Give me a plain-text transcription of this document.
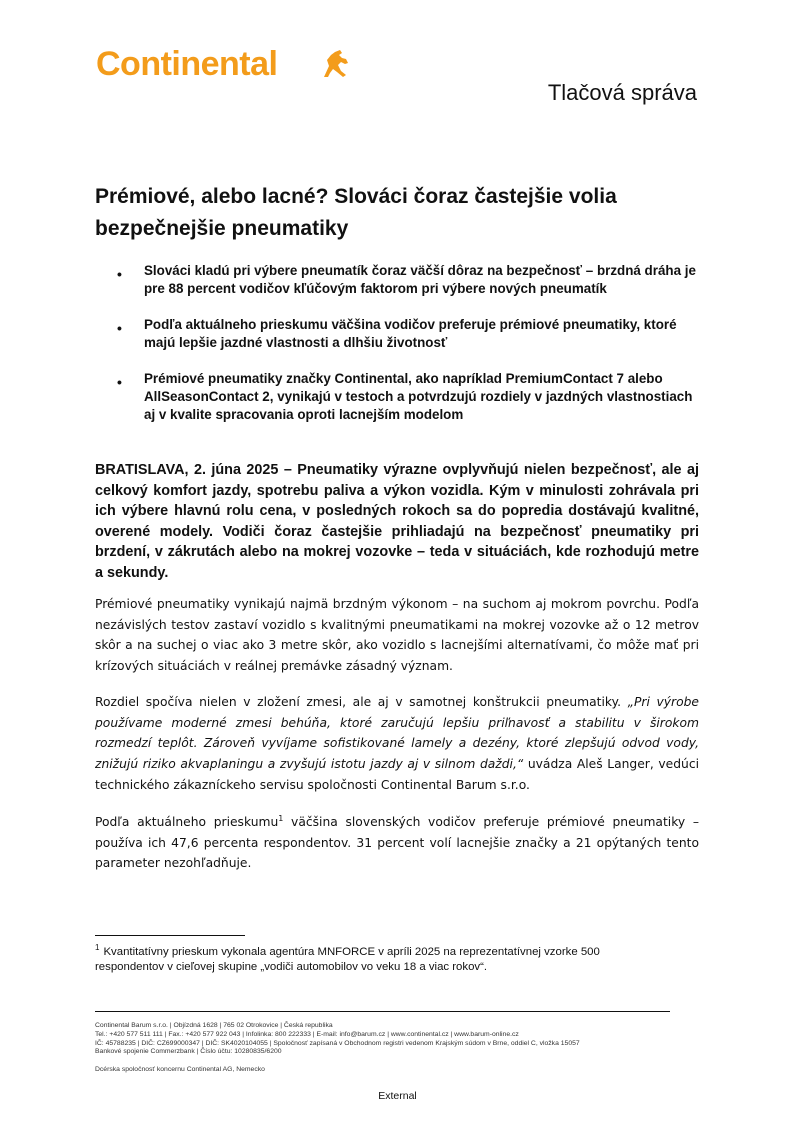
Continental
Tlačová správa
Prémiové, alebo lacné? Slováci čoraz častejšie volia bezpečnejšie pneumatiky
• Slováci kladú pri výbere pneumatík čoraz väčší dôraz na bezpečnosť – brzdná dráha je pre 88 percent vodičov kľúčovým faktorom pri výbere nových pneumatík
• Podľa aktuálneho prieskumu väčšina vodičov preferuje prémiové pneumatiky, ktoré majú lepšie jazdné vlastnosti a dlhšiu životnosť
• Prémiové pneumatiky značky Continental, ako napríklad PremiumContact 7 alebo AllSeasonContact 2, vynikajú v testoch a potvrdzujú rozdiely v jazdných vlastnostiach aj v kvalite spracovania oproti lacnejším modelom

BRATISLAVA, 2. júna 2025 – Pneumatiky výrazne ovplyvňujú nielen bezpečnosť, ale aj celkový komfort jazdy, spotrebu paliva a výkon vozidla. Kým v minulosti zohrávala pri ich výbere hlavnú rolu cena, v posledných rokoch sa do popredia dostávajú kvalitné, overené modely. Vodiči čoraz častejšie prihliadajú na bezpečnosť pneumatiky pri brzdení, v zákrutách alebo na mokrej vozovke – teda v situáciách, kde rozhodujú metre a sekundy.

Prémiové pneumatiky vynikajú najmä brzdným výkonom – na suchom aj mokrom povrchu. Podľa nezávislých testov zastaví vozidlo s kvalitnými pneumatikami na mokrej vozovke až o 12 metrov skôr a na suchej o viac ako 3 metre skôr, ako vozidlo s lacnejšími alternatívami, čo môže mať pri krízových situáciách v reálnej premávke zásadný význam.

Rozdiel spočíva nielen v zložení zmesi, ale aj v samotnej konštrukcii pneumatiky. „Pri výrobe používame moderné zmesi behúňa, ktoré zaručujú lepšiu priľnavosť a stabilitu v širokom rozmedzí teplôt. Zároveň vyvíjame sofistikované lamely a dezény, ktoré zlepšujú odvod vody, znižujú riziko akvaplaningu a zvyšujú istotu jazdy aj v silnom daždi,“ uvádza Aleš Langer, vedúci technického zákazníckeho servisu spoločnosti Continental Barum s.r.o.

Podľa aktuálneho prieskumu$^1$ väčšina slovenských vodičov preferuje prémiové pneumatiky – používa ich 47,6 percenta respondentov. 31 percent volí lacnejšie značky a 21 opýtaných tento parameter nezohľadňuje.

$^1$ Kvantitatívny prieskum vykonala agentúra MNFORCE v apríli 2025 na reprezentatívnej vzorke 500 respondentov v cieľovej skupine „vodiči automobilov vo veku 18 a viac rokov“.

Continental Barum s.r.o. | Objízdná 1628 | 765 02 Otrokovice | Česká republika
Tel.: +420 577 511 111 | Fax.: +420 577 922 043 | Infolinka: 800 222333 | E-mail: info@barum.cz | www.continental.cz | www.barum-online.cz
IČ: 45788235 | DIČ: CZ699000347 | DIČ: SK4020104055 | Spoločnosť zapísaná v Obchodnom registri vedenom Krajským súdom v Brne, oddiel C, vložka 15057
Bankové spojenie Commerzbank | Číslo účtu: 10280835/6200
Dcérska spoločnosť koncernu Continental AG, Nemecko
External
